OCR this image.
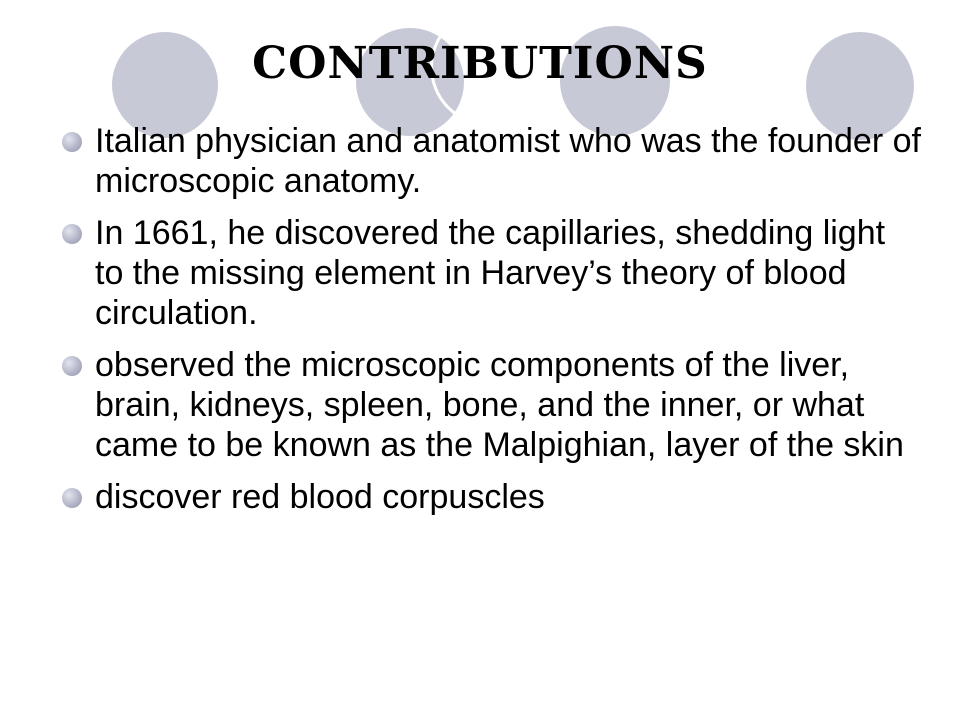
CONTRIBUTIONS
Italian physician and anatomist who was the founder of microscopic anatomy.
In 1661, he discovered the capillaries, shedding light to the missing element in Harvey’s theory of blood circulation.
observed the microscopic components of the liver, brain, kidneys, spleen, bone, and the inner, or what came to be known as the Malpighian, layer of the skin
discover red blood corpuscles
